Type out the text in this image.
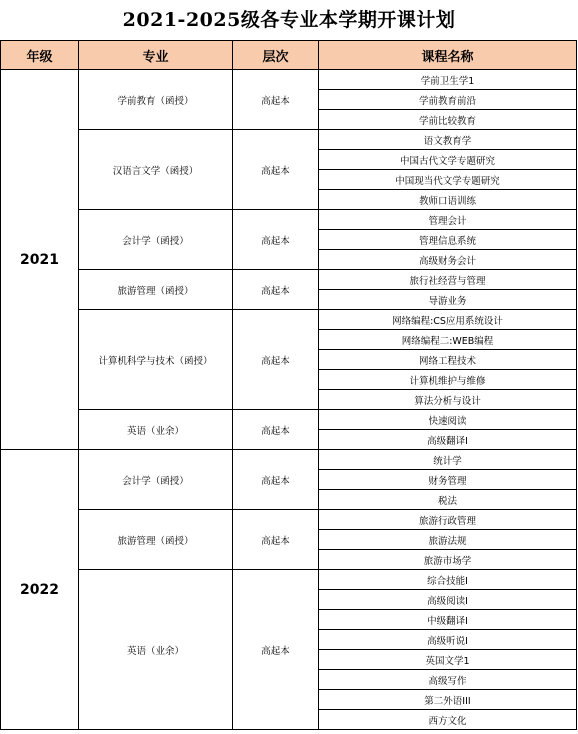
2021-2025级各专业本学期开课计划
年级	专业	层次	课程名称
2021	学前教育（函授）	高起本	学前卫生学1
			学前教育前沿
			学前比较教育
	汉语言文学（函授）	高起本	语文教育学
			中国古代文学专题研究
			中国现当代文学专题研究
			教师口语训练
	会计学（函授）	高起本	管理会计
			管理信息系统
			高级财务会计
	旅游管理（函授）	高起本	旅行社经营与管理
			导游业务
	计算机科学与技术（函授）	高起本	网络编程:CS应用系统设计
			网络编程二:WEB编程
			网络工程技术
			计算机维护与维修
			算法分析与设计
	英语（业余）	高起本	快速阅读
			高级翻译I
2022	会计学（函授）	高起本	统计学
			财务管理
			税法
	旅游管理（函授）	高起本	旅游行政管理
			旅游法规
			旅游市场学
	英语（业余）	高起本	综合技能I
			高级阅读I
			中级翻译I
			高级听说I
			英国文学1
			高级写作
			第二外语III
			西方文化
